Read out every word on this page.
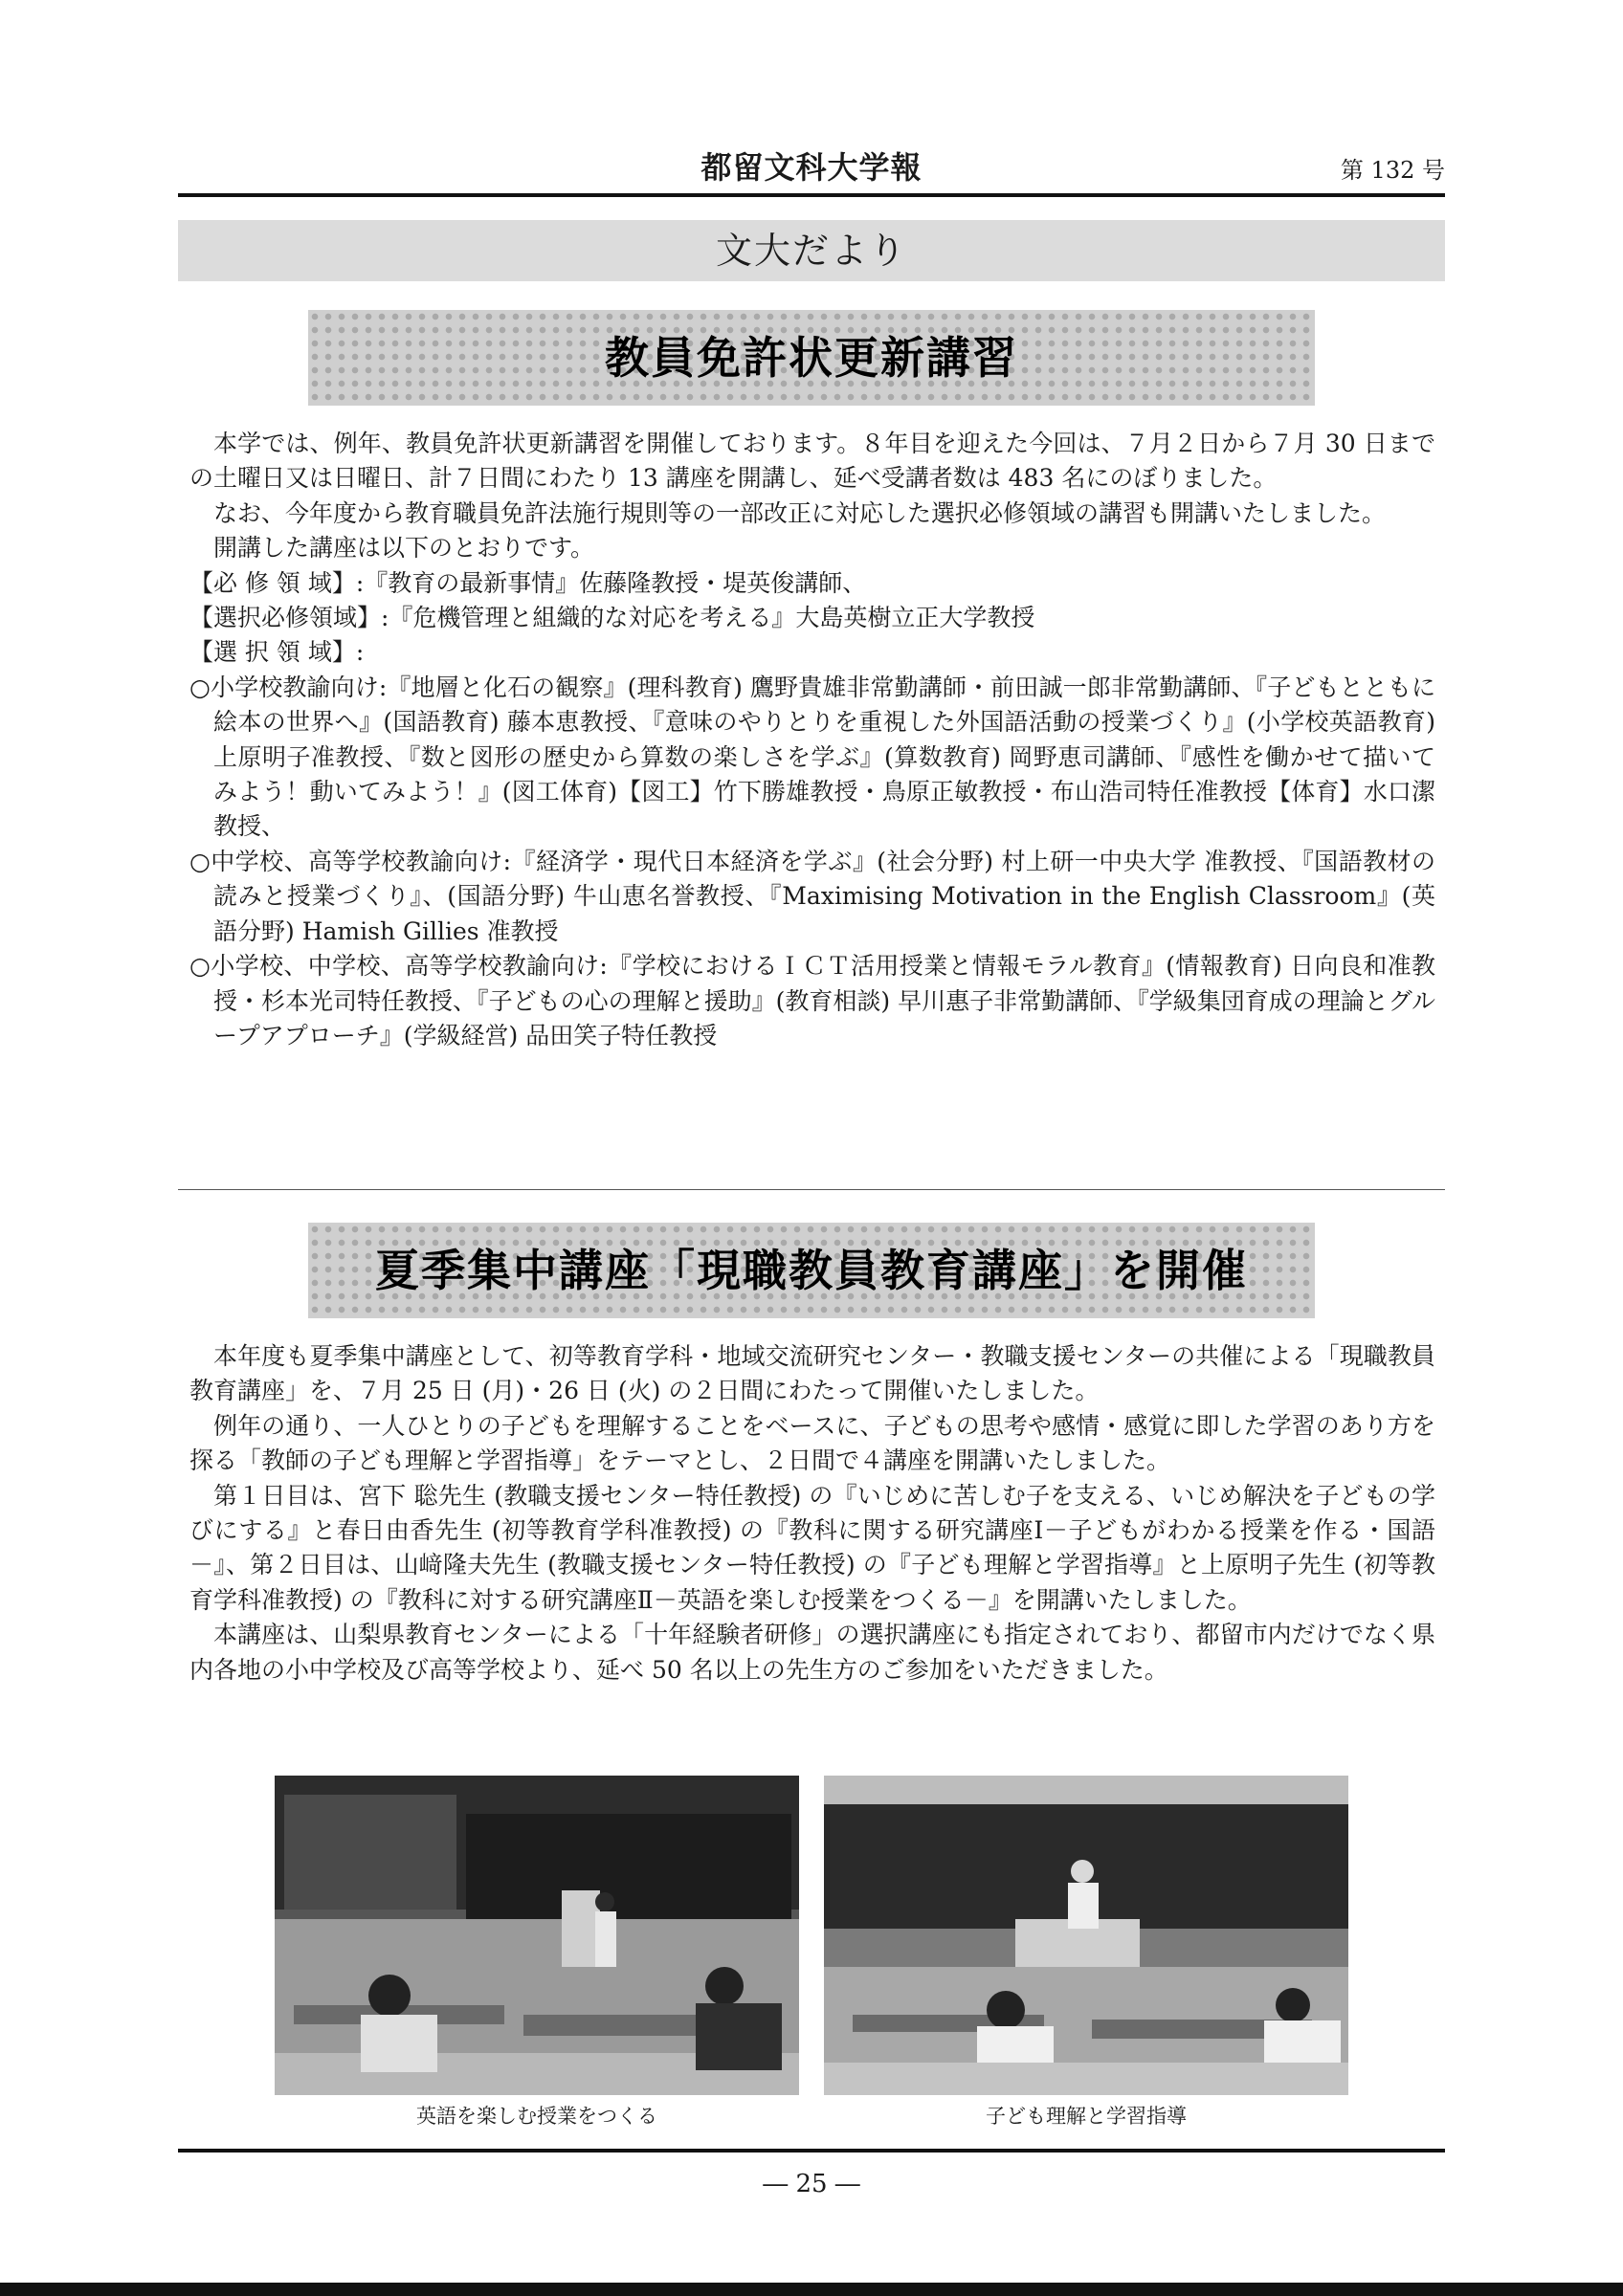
都留文科大学報	第 132 号
文大だより
教員免許状更新講習

本学では、例年、教員免許状更新講習を開催しております。８年目を迎えた今回は、７月２日から７月 30 日までの土曜日又は日曜日、計７日間にわたり 13 講座を開講し、延べ受講者数は 483 名にのぼりました。

なお、今年度から教育職員免許法施行規則等の一部改正に対応した選択必修領域の講習も開講いたしました。

開講した講座は以下のとおりです。

【必 修 領 域】:『教育の最新事情』佐藤隆教授・堤英俊講師、

【選択必修領域】:『危機管理と組織的な対応を考える』大島英樹立正大学教授

【選 択 領 域】:

○小学校教諭向け:『地層と化石の観察』(理科教育) 鷹野貴雄非常勤講師・前田誠一郎非常勤講師、『子どもとともに絵本の世界へ』(国語教育) 藤本恵教授、『意味のやりとりを重視した外国語活動の授業づくり』(小学校英語教育) 上原明子准教授、『数と図形の歴史から算数の楽しさを学ぶ』(算数教育) 岡野恵司講師、『感性を働かせて描いてみよう！動いてみよう！』(図工体育)【図工】竹下勝雄教授・鳥原正敏教授・布山浩司特任准教授【体育】水口潔教授、

○中学校、高等学校教諭向け:『経済学・現代日本経済を学ぶ』(社会分野) 村上研一中央大学 准教授、『国語教材の読みと授業づくり』、(国語分野) 牛山恵名誉教授、『Maximising Motivation in the English Classroom』(英語分野) Hamish Gillies 准教授

○小学校、中学校、高等学校教諭向け:『学校におけるＩＣＴ活用授業と情報モラル教育』(情報教育) 日向良和准教授・杉本光司特任教授、『子どもの心の理解と援助』(教育相談) 早川惠子非常勤講師、『学級集団育成の理論とグループアプローチ』(学級経営) 品田笑子特任教授

夏季集中講座「現職教員教育講座」を開催

本年度も夏季集中講座として、初等教育学科・地域交流研究センター・教職支援センターの共催による「現職教員教育講座」を、７月 25 日 (月)・26 日 (火) の２日間にわたって開催いたしました。

例年の通り、一人ひとりの子どもを理解することをベースに、子どもの思考や感情・感覚に即した学習のあり方を探る「教師の子ども理解と学習指導」をテーマとし、２日間で４講座を開講いたしました。

第１日目は、宮下 聡先生 (教職支援センター特任教授) の『いじめに苦しむ子を支える、いじめ解決を子どもの学びにする』と春日由香先生 (初等教育学科准教授) の『教科に関する研究講座Ⅰ－子どもがわかる授業を作る・国語－』、第２日目は、山﨑隆夫先生 (教職支援センター特任教授) の『子ども理解と学習指導』と上原明子先生 (初等教育学科准教授) の『教科に対する研究講座Ⅱ－英語を楽しむ授業をつくる－』を開講いたしました。

本講座は、山梨県教育センターによる「十年経験者研修」の選択講座にも指定されており、都留市内だけでなく県内各地の小中学校及び高等学校より、延べ 50 名以上の先生方のご参加をいただきました。

英語を楽しむ授業をつくる	子ども理解と学習指導
― 25 ―
